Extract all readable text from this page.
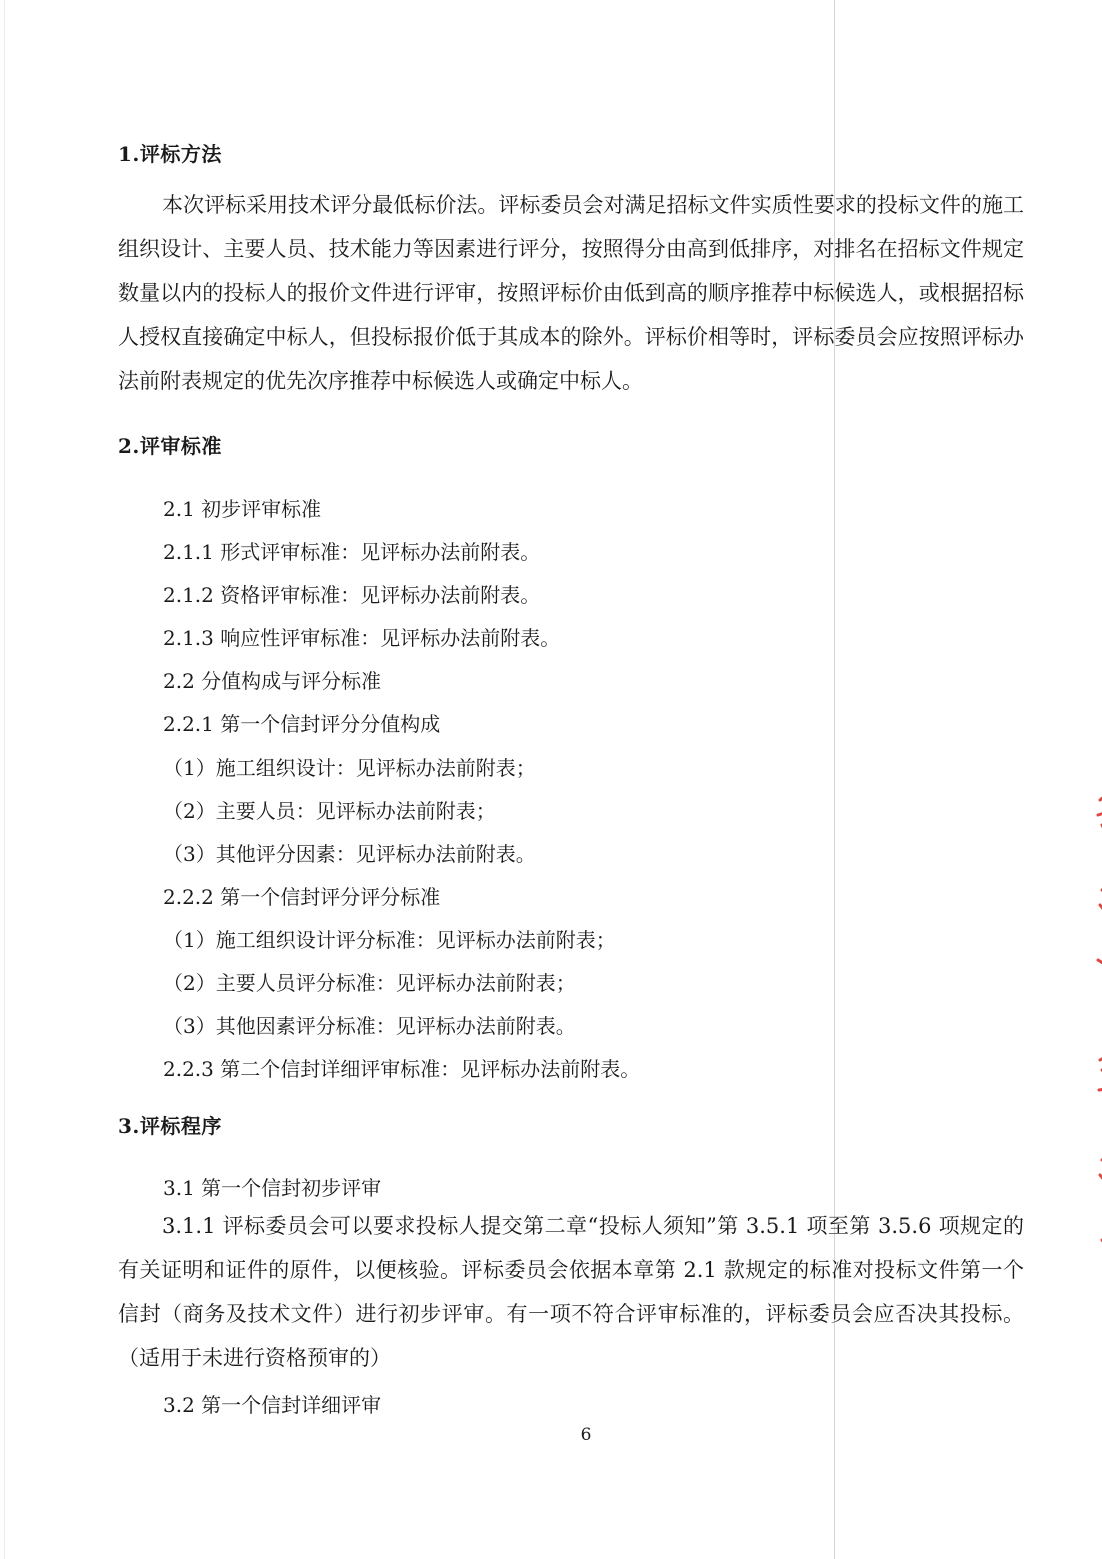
1.评标方法
本次评标采用技术评分最低标价法。评标委员会对满足招标文件实质性要求的投标文件的施工组织设计、主要人员、技术能力等因素进行评分，按照得分由高到低排序，对排名在招标文件规定数量以内的投标人的报价文件进行评审，按照评标价由低到高的顺序推荐中标候选人，或根据招标人授权直接确定中标人，但投标报价低于其成本的除外。评标价相等时，评标委员会应按照评标办法前附表规定的优先次序推荐中标候选人或确定中标人。
2.评审标准
2.1 初步评审标准
2.1.1 形式评审标准：见评标办法前附表。
2.1.2 资格评审标准：见评标办法前附表。
2.1.3 响应性评审标准：见评标办法前附表。
2.2 分值构成与评分标准
2.2.1 第一个信封评分分值构成
（1）施工组织设计：见评标办法前附表；
（2）主要人员：见评标办法前附表；
（3）其他评分因素：见评标办法前附表。
2.2.2 第一个信封评分评分标准
（1）施工组织设计评分标准：见评标办法前附表；
（2）主要人员评分标准：见评标办法前附表；
（3）其他因素评分标准：见评标办法前附表。
2.2.3 第二个信封详细评审标准：见评标办法前附表。
3.评标程序
3.1 第一个信封初步评审
3.1.1 评标委员会可以要求投标人提交第二章“投标人须知”第 3.5.1 项至第 3.5.6 项规定的有关证明和证件的原件，以便核验。评标委员会依据本章第 2.1 款规定的标准对投标文件第一个信封（商务及技术文件）进行初步评审。有一项不符合评审标准的，评标委员会应否决其投标。（适用于未进行资格预审的）
3.2 第一个信封详细评审
6
